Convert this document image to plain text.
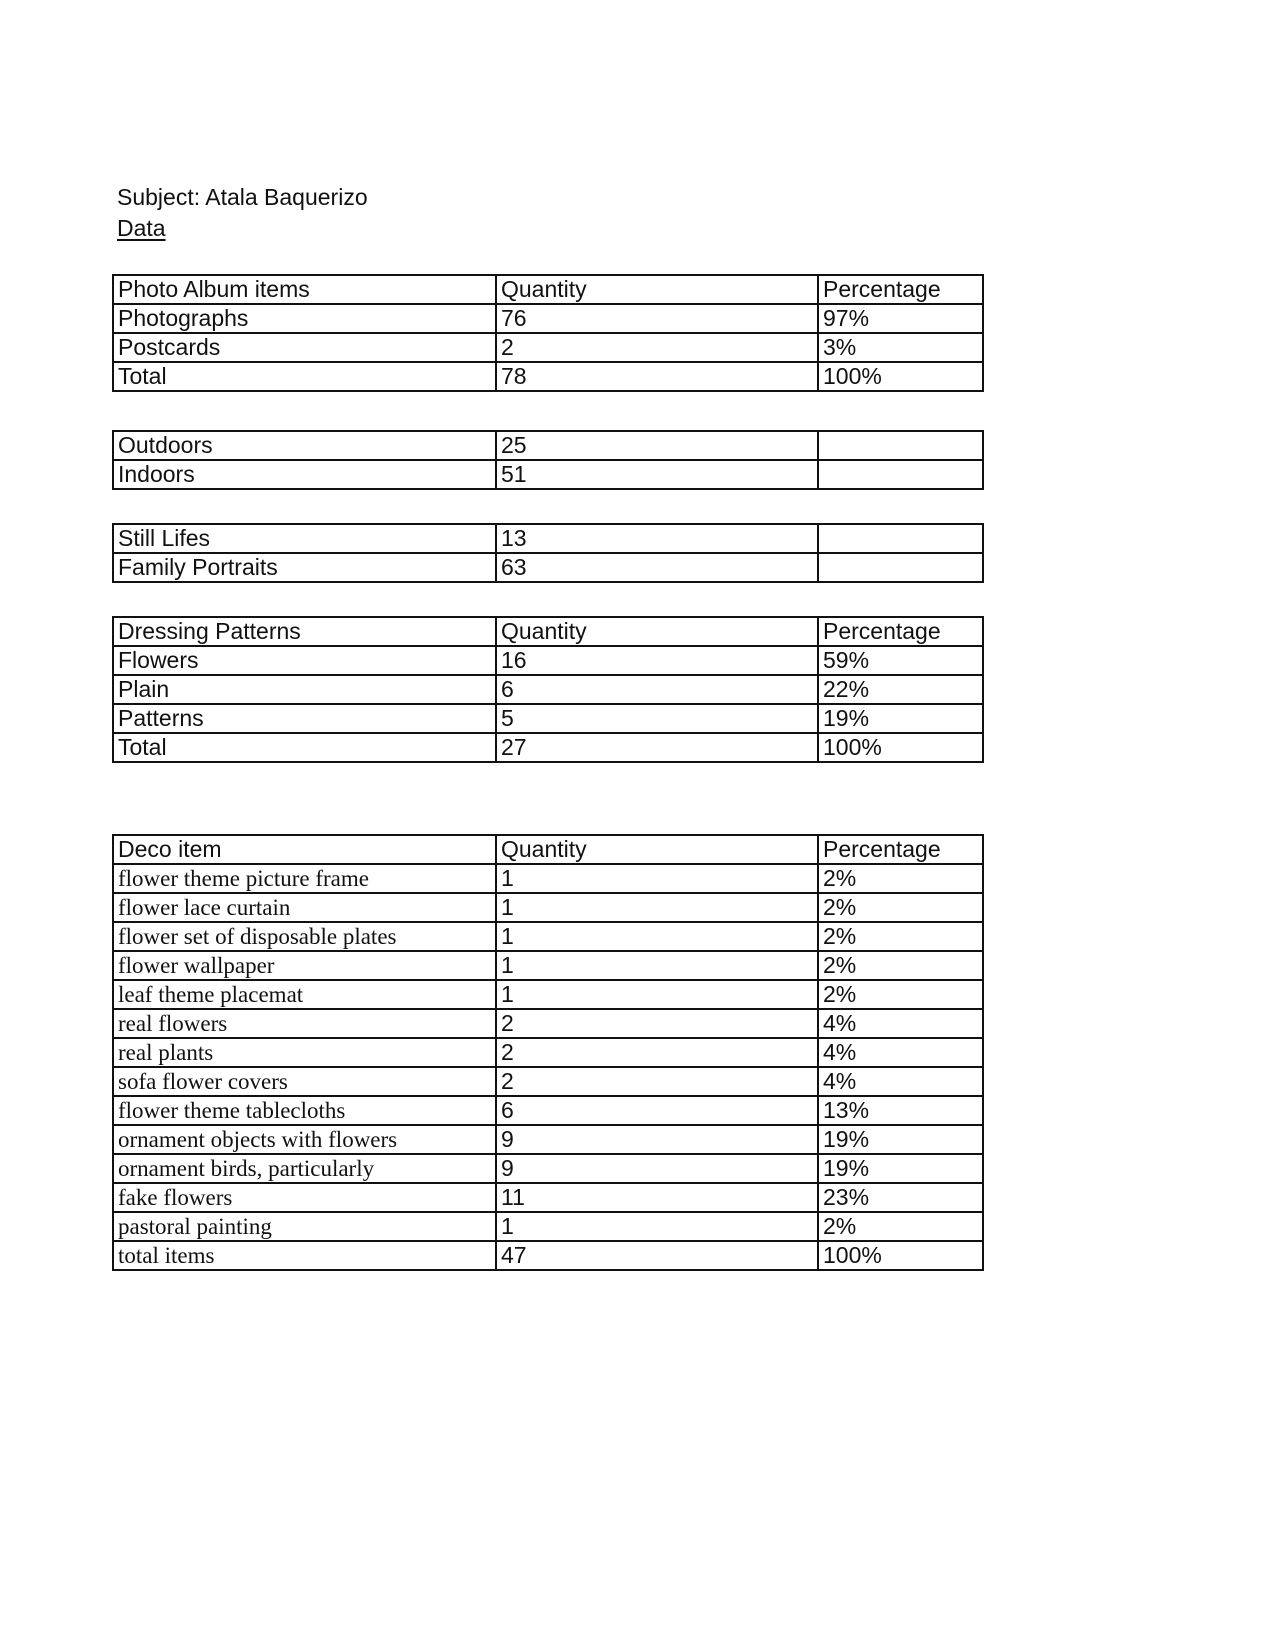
Subject: Atala Baquerizo
Data
Photo Album items	Quantity	Percentage
Photographs	76	97%
Postcards	2	3%
Total	78	100%
Outdoors	25	
Indoors	51	
Still Lifes	13	
Family Portraits	63	
Dressing Patterns	Quantity	Percentage
Flowers	16	59%
Plain	6	22%
Patterns	5	19%
Total	27	100%
Deco item	Quantity	Percentage
flower theme picture frame	1	2%
flower lace curtain	1	2%
flower set of disposable plates	1	2%
flower wallpaper	1	2%
leaf theme placemat	1	2%
real flowers	2	4%
real plants	2	4%
sofa flower covers	2	4%
flower theme tablecloths	6	13%
ornament objects with flowers	9	19%
ornament birds, particularly	9	19%
fake flowers	11	23%
pastoral painting	1	2%
total items	47	100%
